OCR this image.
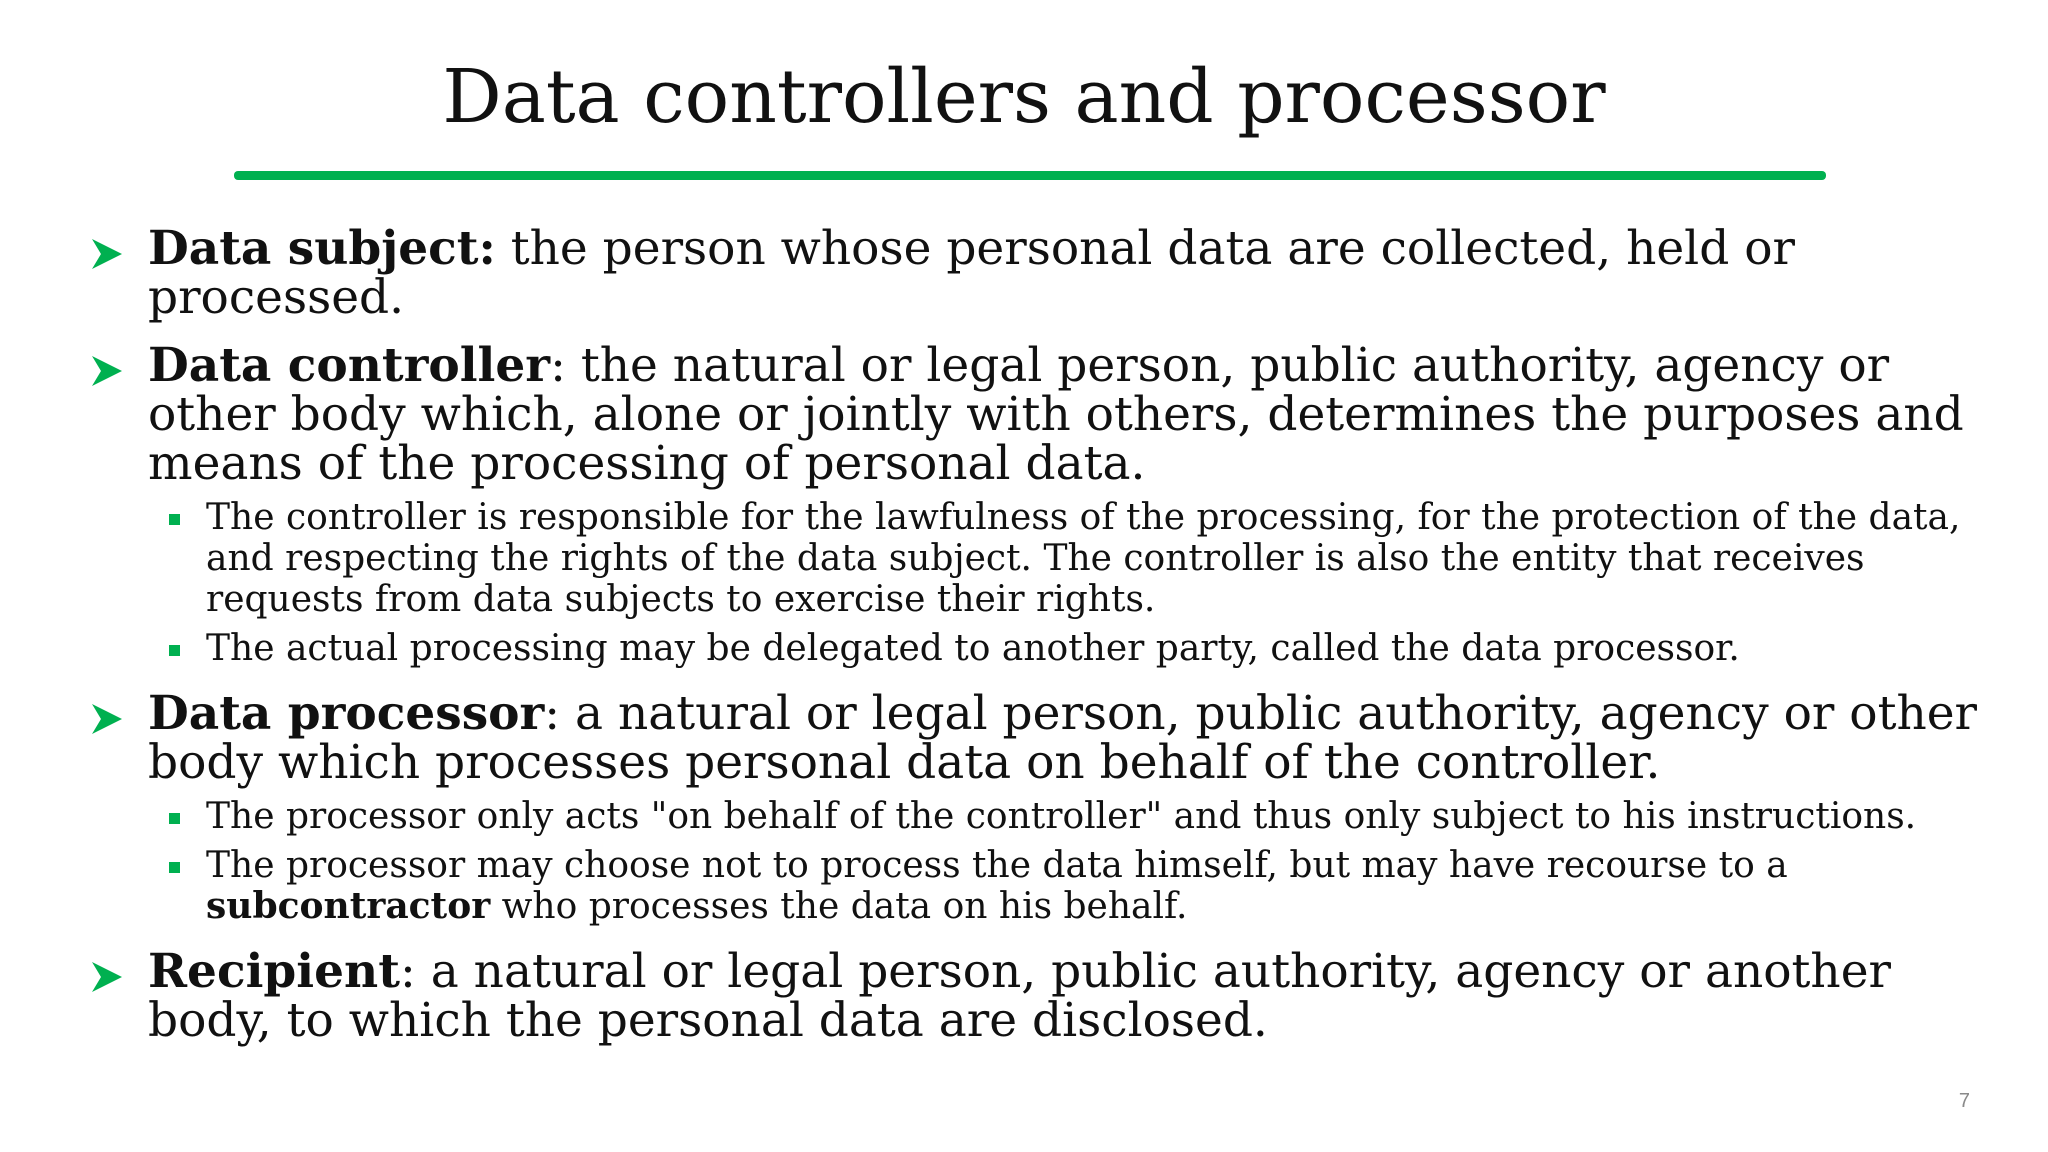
Data controllers and processor

Data subject: the person whose personal data are collected, held or processed.

Data controller: the natural or legal person, public authority, agency or other body which, alone or jointly with others, determines the purposes and means of the processing of personal data.

The controller is responsible for the lawfulness of the processing, for the protection of the data, and respecting the rights of the data subject. The controller is also the entity that receives requests from data subjects to exercise their rights.

The actual processing may be delegated to another party, called the data processor.

Data processor: a natural or legal person, public authority, agency or other body which processes personal data on behalf of the controller.

The processor only acts "on behalf of the controller" and thus only subject to his instructions.

The processor may choose not to process the data himself, but may have recourse to a subcontractor who processes the data on his behalf.

Recipient: a natural or legal person, public authority, agency or another body, to which the personal data are disclosed.

7
